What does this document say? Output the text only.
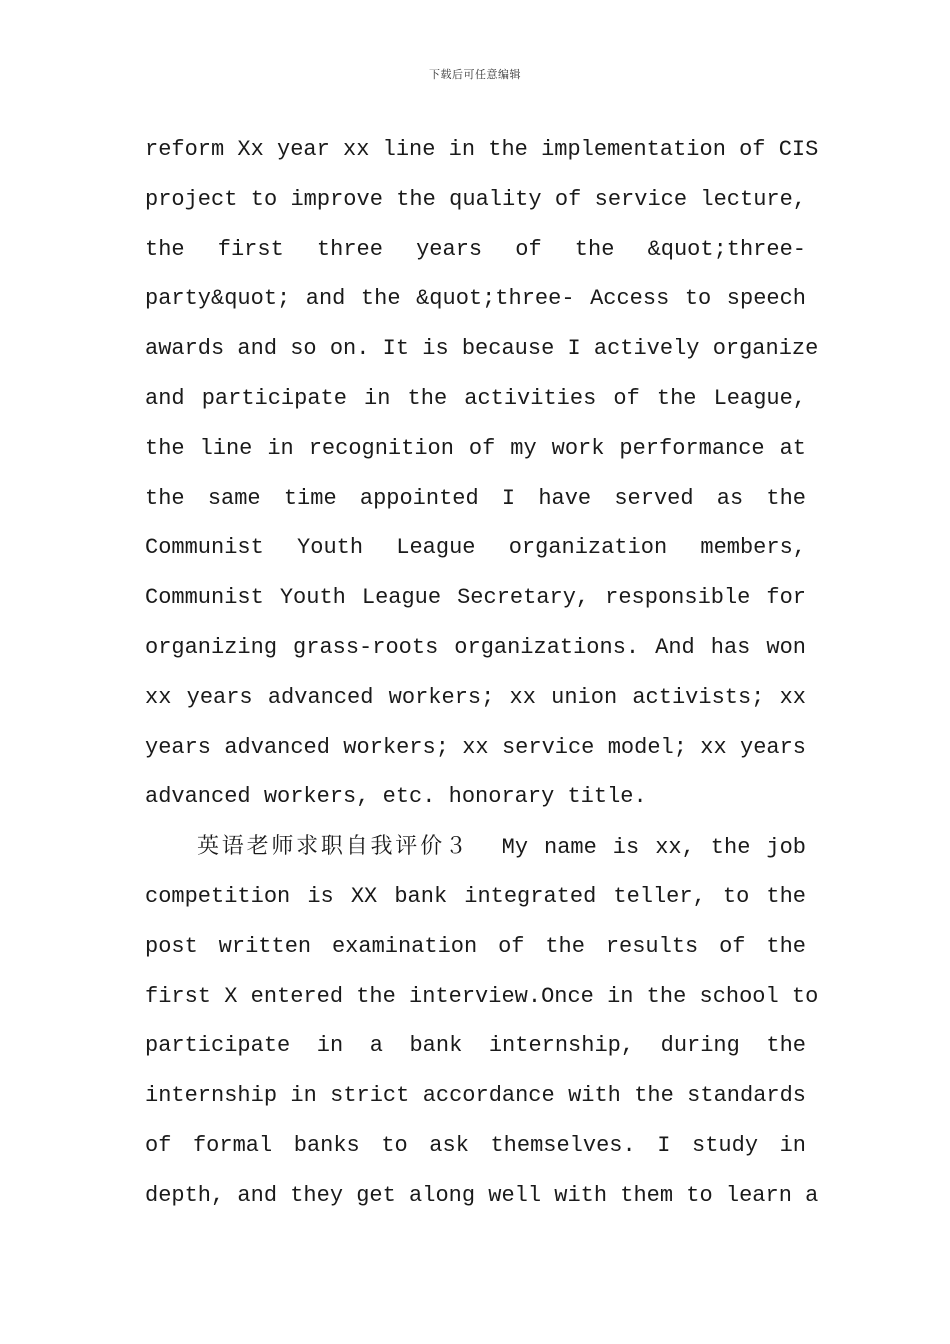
下载后可任意编辑
reform Xx year xx line in the implementation of CIS
project to improve the quality of service lecture,
the first three years of the &quot;three-
party&quot; and the &quot;three- Access to speech
awards and so on. It is because I actively organize
and participate in the activities of the League,
the line in recognition of my work performance at
the same time appointed I have served as the
Communist Youth League organization members,
Communist Youth League Secretary, responsible for
organizing grass-roots organizations. And has won
xx years advanced workers; xx union activists; xx
years advanced workers; xx service model; xx years
advanced workers, etc. honorary title.
英语老师求职自我评价３  My name is xx, the job
competition is XX bank integrated teller, to the
post written examination of the results of the
first X entered the interview.Once in the school to
participate in a bank internship, during the
internship in strict accordance with the standards
of formal banks to ask themselves. I study in
depth, and they get along well with them to learn a
